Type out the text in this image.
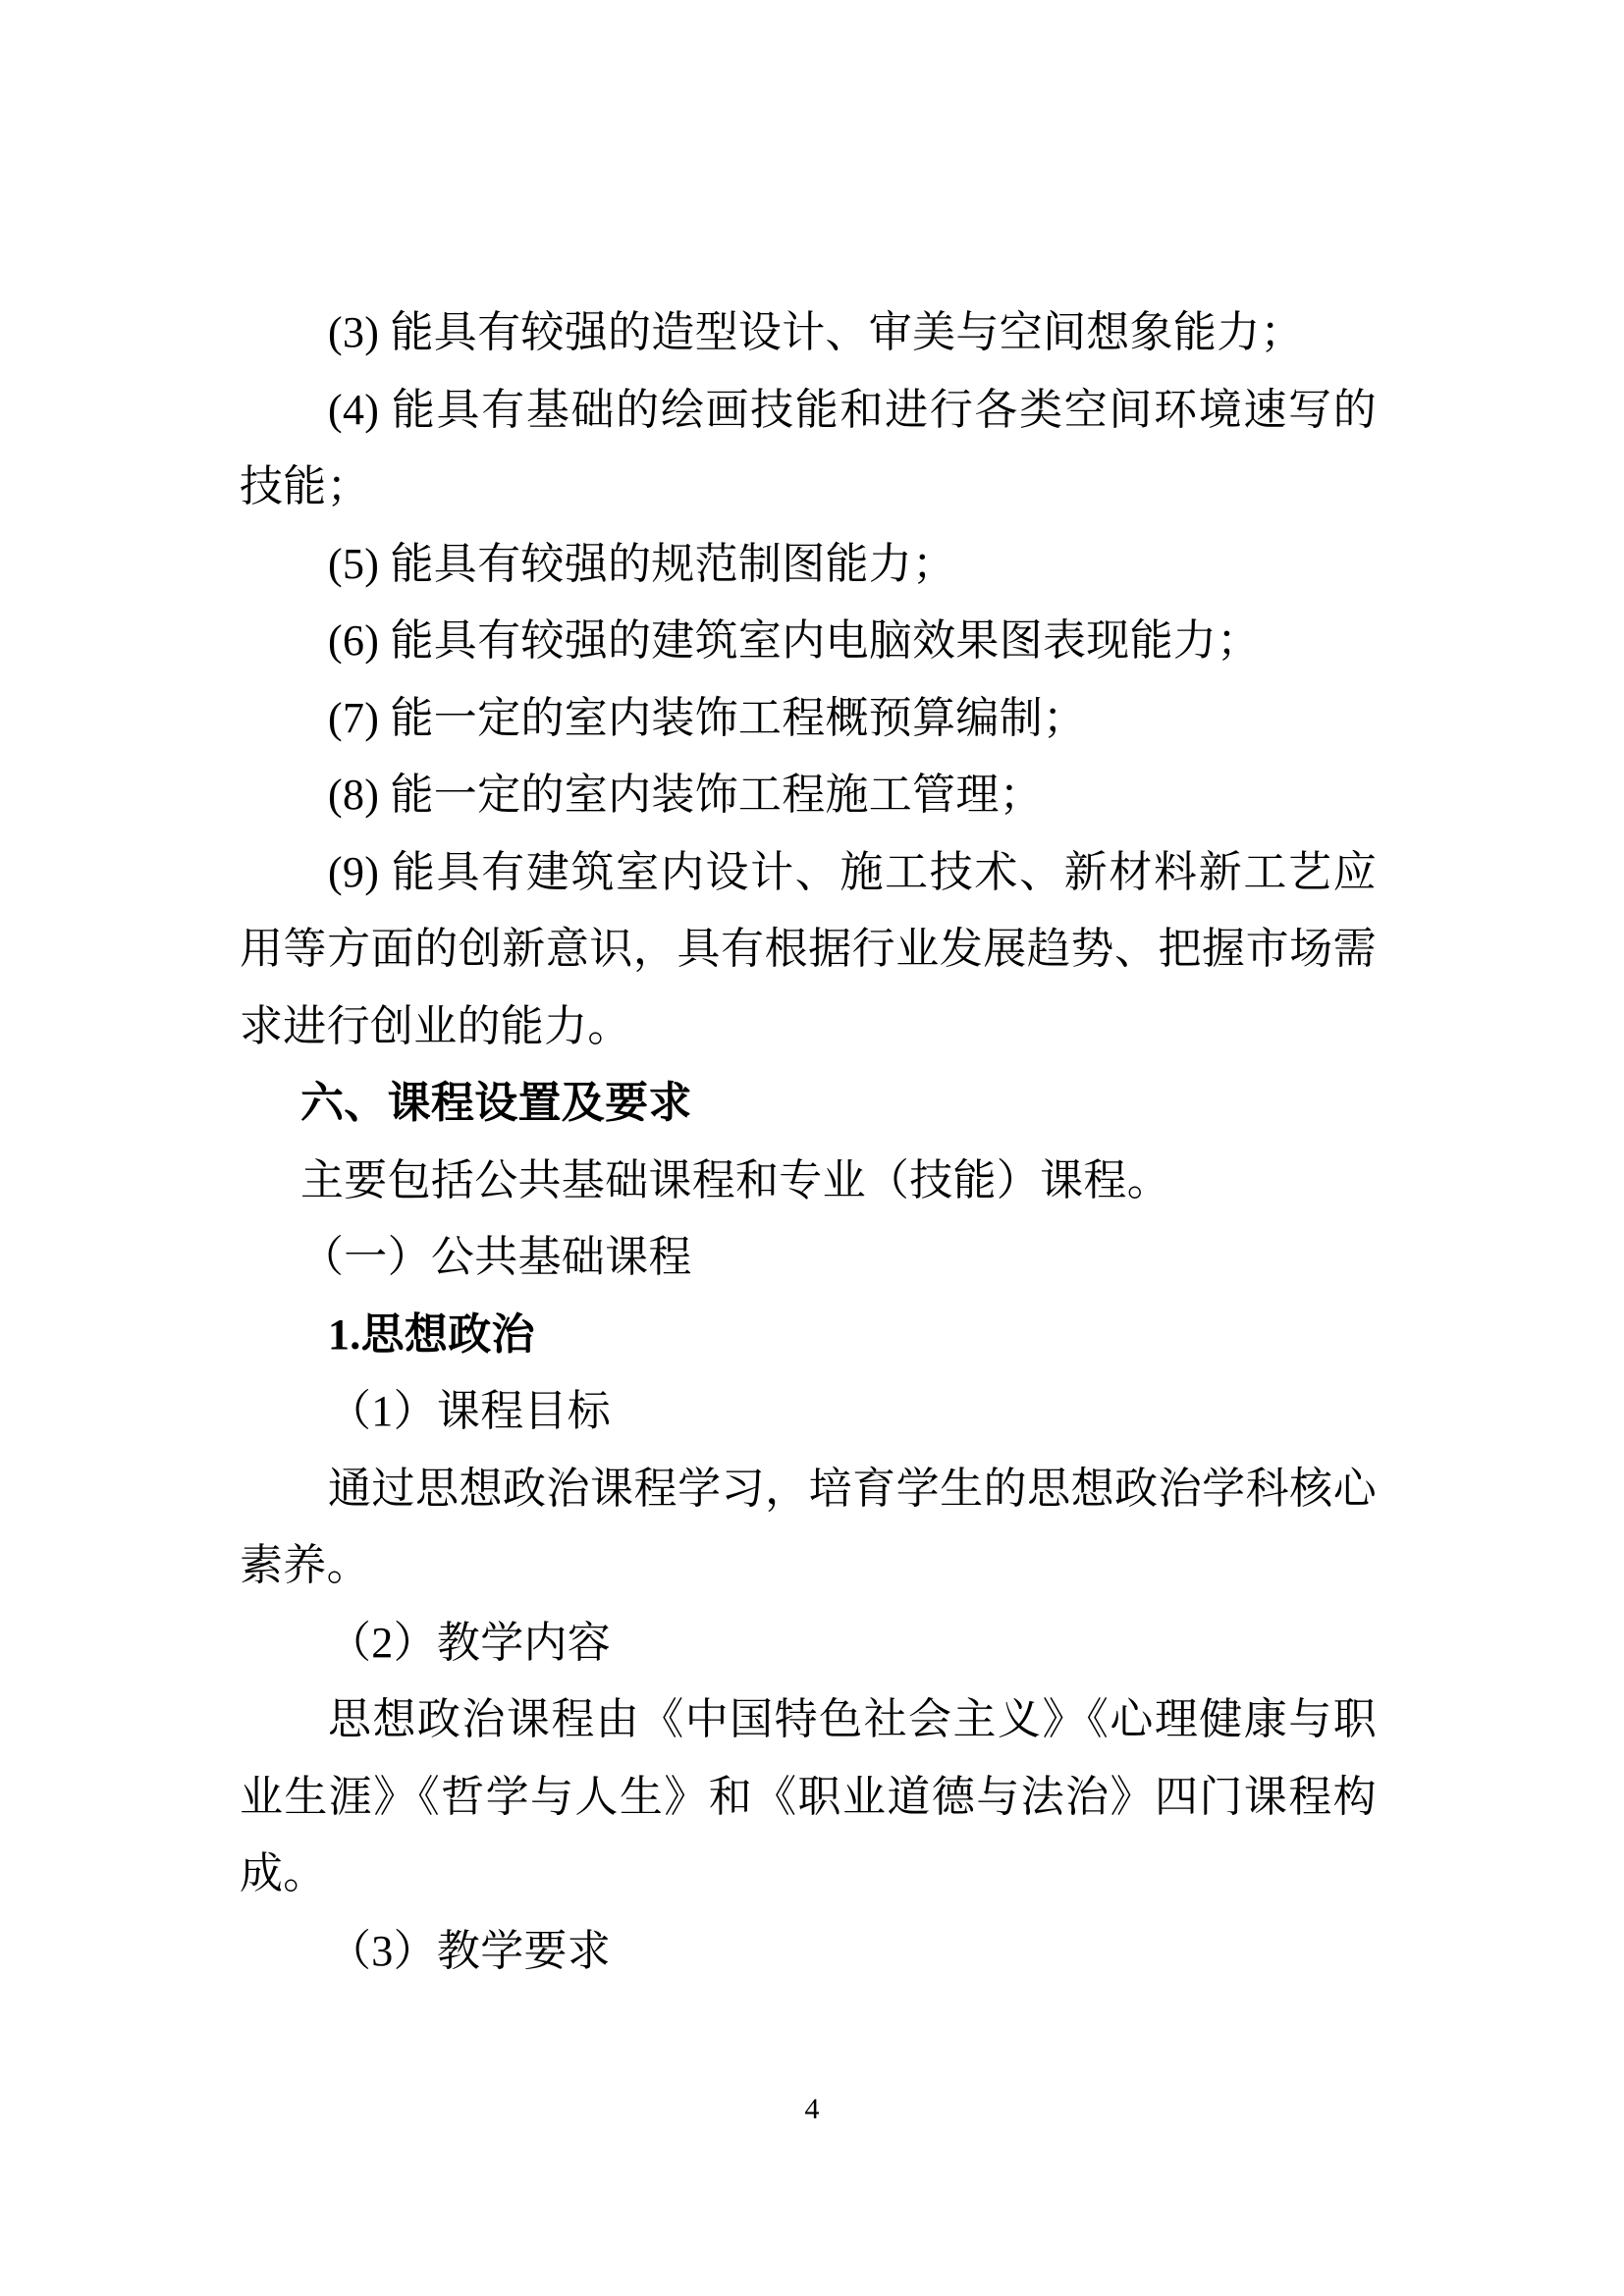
(3) 能具有较强的造型设计、审美与空间想象能力；

(4) 能具有基础的绘画技能和进行各类空间环境速写的技能；

(5) 能具有较强的规范制图能力；

(6) 能具有较强的建筑室内电脑效果图表现能力；

(7) 能一定的室内装饰工程概预算编制；

(8) 能一定的室内装饰工程施工管理；

(9) 能具有建筑室内设计、施工技术、新材料新工艺应用等方面的创新意识，具有根据行业发展趋势、把握市场需求进行创业的能力。

六、课程设置及要求

主要包括公共基础课程和专业（技能）课程。

（一）公共基础课程

1.思想政治

（1）课程目标

通过思想政治课程学习，培育学生的思想政治学科核心素养。

（2）教学内容

思想政治课程由《中国特色社会主义》《心理健康与职业生涯》《哲学与人生》和《职业道德与法治》四门课程构成。

（3）教学要求

4
